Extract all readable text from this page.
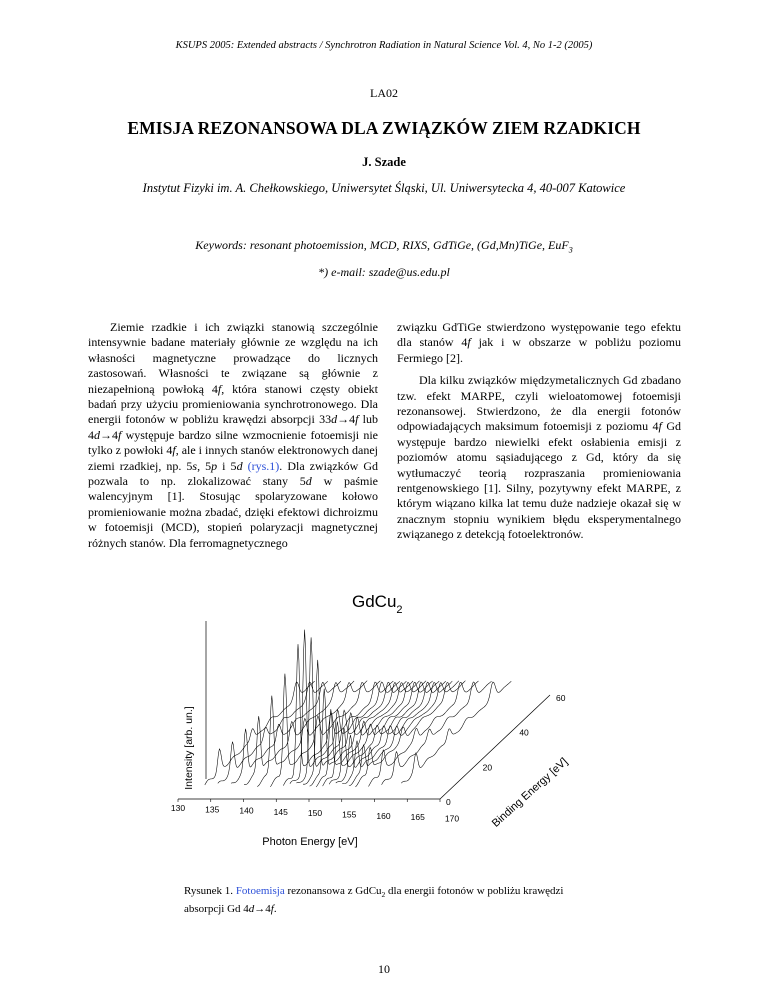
KSUPS 2005: Extended abstracts / Synchrotron Radiation in Natural Science Vol. 4, No 1-2 (2005)
LA02
EMISJA REZONANSOWA DLA ZWIĄZKÓW ZIEM RZADKICH
J. Szade
Instytut Fizyki im. A. Chełkowskiego, Uniwersytet Śląski, Ul. Uniwersytecka 4, 40-007 Katowice
Keywords: resonant photoemission, MCD, RIXS, GdTiGe, (Gd,Mn)TiGe, EuF$_3$
*) e-mail: szade@us.edu.pl

Ziemie rzadkie i ich związki stanowią szczególnie intensywnie badane materiały głównie ze względu na ich własności magnetyczne prowadzące do licznych zastosowań. Własności te związane są głównie z niezapełnioną powłoką 4f, która stanowi częsty obiekt badań przy użyciu promieniowania synchrotronowego. Dla energii fotonów w pobliżu krawędzi absorpcji 33d→4f lub 4d→4f występuje bardzo silne wzmocnienie fotoemisji nie tylko z powłoki 4f, ale i innych stanów elektronowych danej ziemi rzadkiej, np. 5s, 5p i 5d (rys.1). Dla związków Gd pozwala to np. zlokalizować stany 5d w paśmie walencyjnym [1]. Stosując spolaryzowane kołowo promieniowanie można zbadać, dzięki efektowi dichroizmu w fotoemisji (MCD), stopień polaryzacji magnetycznej różnych stanów. Dla ferromagnetycznego

związku GdTiGe stwierdzono występowanie tego efektu dla stanów 4f jak i w obszarze w pobliżu poziomu Fermiego [2].

Dla kilku związków międzymetalicznych Gd zbadano tzw. efekt MARPE, czyli wieloatomowej fotoemisji rezonansowej. Stwierdzono, że dla energii fotonów odpowiadających maksimum fotoemisji z poziomu 4f Gd występuje bardzo niewielki efekt osłabienia emisji z poziomów atomu sąsiadującego z Gd, który da się wytłumaczyć teorią rozpraszania promieniowania rentgenowskiego [1]. Silny, pozytywny efekt MARPE, z którym wiązano kilka lat temu duże nadzieje okazał się w znacznym stopniu wynikiem błędu eksperymentalnego związanego z detekcją fotoelektronów.

GdCu$_2$
Intensity [arb. un.]
130 135 140 145 150 155 160 165 170
0
20
40
60
Photon Energy [eV]
Binding Energy [eV]
Rysunek 1. Fotoemisja rezonansowa z GdCu$_2$ dla energii fotonów w pobliżu krawędzi absorpcji Gd 4d→4f.
10
